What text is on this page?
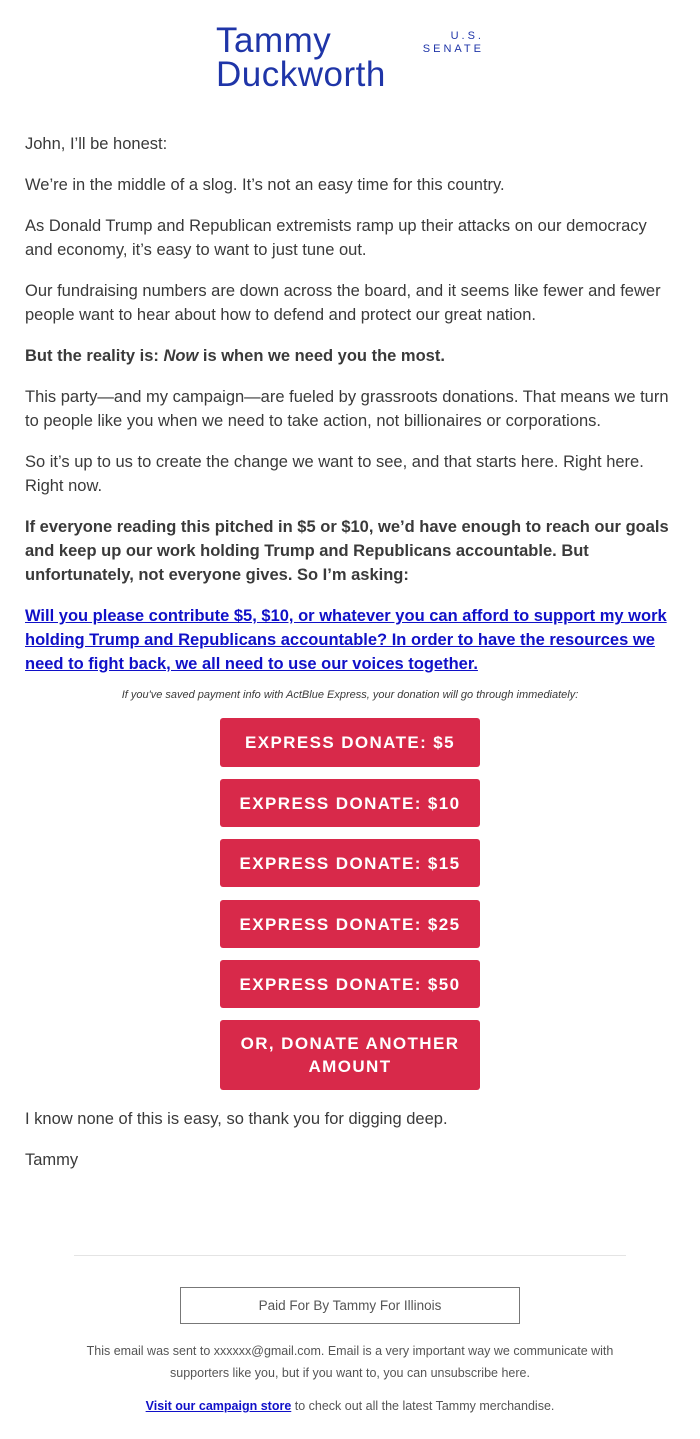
Tammy	U.S.
SENATE
Duckworth

John, I’ll be honest:

We’re in the middle of a slog. It’s not an easy time for this country.

As Donald Trump and Republican extremists ramp up their attacks on our democracy and economy, it’s easy to want to just tune out.

Our fundraising numbers are down across the board, and it seems like fewer and fewer people want to hear about how to defend and protect our great nation.

But the reality is: Now is when we need you the most.

This party—and my campaign—are fueled by grassroots donations. That means we turn to people like you when we need to take action, not billionaires or corporations.

So it’s up to us to create the change we want to see, and that starts here. Right here. Right now.

If everyone reading this pitched in $5 or $10, we’d have enough to reach our goals and keep up our work holding Trump and Republicans accountable. But unfortunately, not everyone gives. So I’m asking:

Will you please contribute $5, $10, or whatever you can afford to support my work holding Trump and Republicans accountable? In order to have the resources we need to fight back, we all need to use our voices together.
If you've saved payment info with ActBlue Express, your donation will go through immediately:
EXPRESS DONATE: $5
EXPRESS DONATE: $10
EXPRESS DONATE: $15
EXPRESS DONATE: $25
EXPRESS DONATE: $50
OR, DONATE ANOTHER AMOUNT
I know none of this is easy, so thank you for digging deep.
Tammy
Paid For By Tammy For Illinois
This email was sent to xxxxxx@gmail.com. Email is a very important way we communicate with supporters like you, but if you want to, you can unsubscribe here.
Visit our campaign store to check out all the latest Tammy merchandise.
